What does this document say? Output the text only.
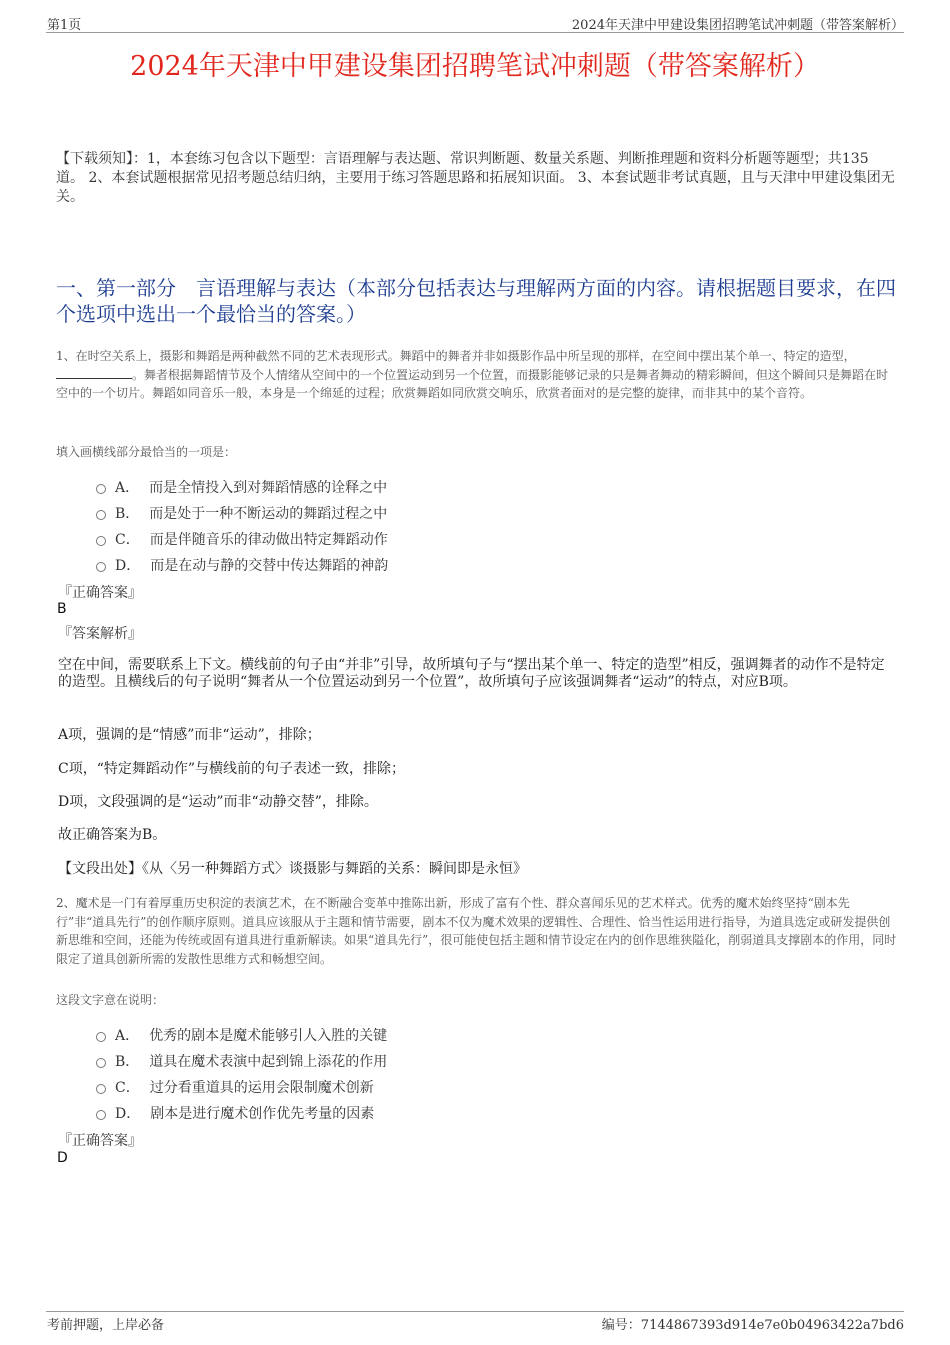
第1页	2024年天津中甲建设集团招聘笔试冲刺题（带答案解析）
2024年天津中甲建设集团招聘笔试冲刺题（带答案解析）
【下载须知】：1，本套练习包含以下题型：言语理解与表达题、常识判断题、数量关系题、判断推理题和资料分析题等题型；共135道。 2、本套试题根据常见招考题总结归纳，主要用于练习答题思路和拓展知识面。 3、本套试题非考试真题，且与天津中甲建设集团无关。
一、第一部分　言语理解与表达（本部分包括表达与理解两方面的内容。请根据题目要求，在四个选项中选出一个最恰当的答案。）
1、在时空关系上，摄影和舞蹈是两种截然不同的艺术表现形式。舞蹈中的舞者并非如摄影作品中所呈现的那样，在空间中摆出某个单一、特定的造型，。舞者根据舞蹈情节及个人情绪从空间中的一个位置运动到另一个位置，而摄影能够记录的只是舞者舞动的精彩瞬间，但这个瞬间只是舞蹈在时空中的一个切片。舞蹈如同音乐一般，本身是一个绵延的过程；欣赏舞蹈如同欣赏交响乐，欣赏者面对的是完整的旋律，而非其中的某个音符。
填入画横线部分最恰当的一项是：
A． 而是全情投入到对舞蹈情感的诠释之中
B． 而是处于一种不断运动的舞蹈过程之中
C． 而是伴随音乐的律动做出特定舞蹈动作
D． 而是在动与静的交替中传达舞蹈的神韵
『正确答案』
B
『答案解析』
空在中间，需要联系上下文。横线前的句子由“并非”引导，故所填句子与“摆出某个单一、特定的造型”相反，强调舞者的动作不是特定的造型。且横线后的句子说明“舞者从一个位置运动到另一个位置”，故所填句子应该强调舞者“运动”的特点，对应B项。
A项，强调的是“情感”而非“运动”，排除；
C项，“特定舞蹈动作”与横线前的句子表述一致，排除；
D项，文段强调的是“运动”而非“动静交替”，排除。
故正确答案为B。
【文段出处】《从〈另一种舞蹈方式〉谈摄影与舞蹈的关系：瞬间即是永恒》
2、魔术是一门有着厚重历史积淀的表演艺术，在不断融合变革中推陈出新，形成了富有个性、群众喜闻乐见的艺术样式。优秀的魔术始终坚持“剧本先行”非“道具先行”的创作顺序原则。道具应该服从于主题和情节需要，剧本不仅为魔术效果的逻辑性、合理性、恰当性运用进行指导，为道具选定或研发提供创新思维和空间，还能为传统或固有道具进行重新解读。如果“道具先行”，很可能使包括主题和情节设定在内的创作思维狭隘化，削弱道具支撑剧本的作用，同时限定了道具创新所需的发散性思维方式和畅想空间。
这段文字意在说明：
A． 优秀的剧本是魔术能够引人入胜的关键
B． 道具在魔术表演中起到锦上添花的作用
C． 过分看重道具的运用会限制魔术创新
D． 剧本是进行魔术创作优先考量的因素
『正确答案』
D
考前押题，上岸必备	编号：7144867393d914e7e0b04963422a7bd6
